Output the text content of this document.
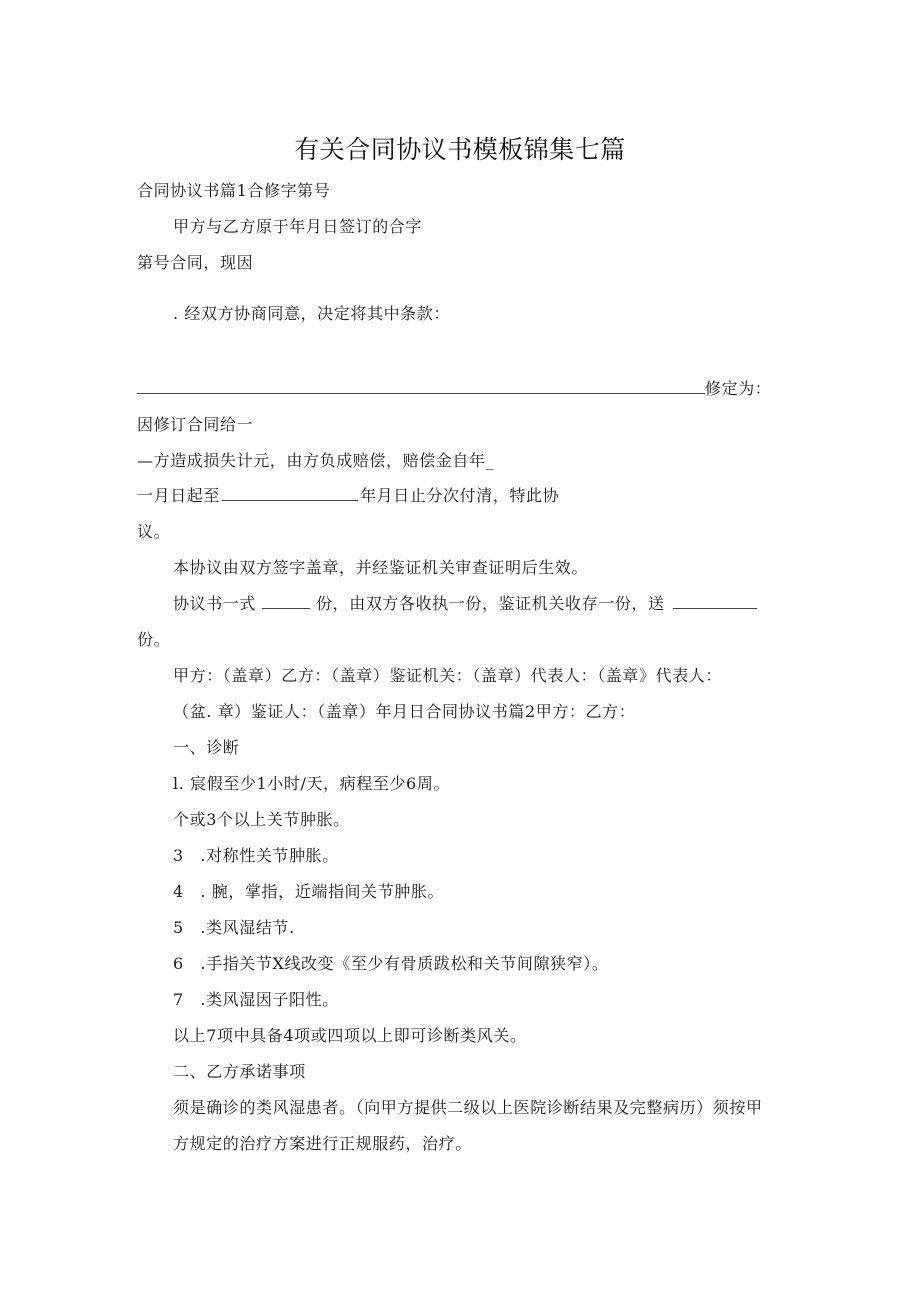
有关合同协议书模板锦集七篇
合同协议书篇1合修字第号
甲方与乙方原于年月日签订的合字
第号合同，现因
. 经双方协商同意，决定将其中条款：
修定为：
因修订合同给一
—方造成损失计元，由方负成赔偿，赔偿金自年_
一月日起至	年月日止分次付清，特此协
议。
本协议由双方签字盖章，并经鉴证机关审查证明后生效。
协议书一式	份，由双方各收执一份，鉴证机关收存一份，送
份。
甲方：（盖章）乙方：（盖章）鉴证机关：（盖章）代表人：（盖章》代表人：
（盆. 章）鉴证人：（盖章）年月日合同协议书篇2甲方：乙方：
一、诊断
l. 宸假至少1小时/天，病程至少6周。
个或3个以上关节肿胀。
3　.对称性关节肿胀。
4　. 腕，掌指，近端指间关节肿胀。
5　.类风湿结节.
6　.手指关节X线改变《至少有骨质跋松和关节间隙狭窄）。
7　.类风湿因子阳性。
以上7项中具备4项或四项以上即可诊断类风关。
二、乙方承诺事项
须是确诊的类风湿患者。（向甲方提供二级以上医院诊断结果及完整病历）须按甲
方规定的治疗方案进行正规服药，治疗。
